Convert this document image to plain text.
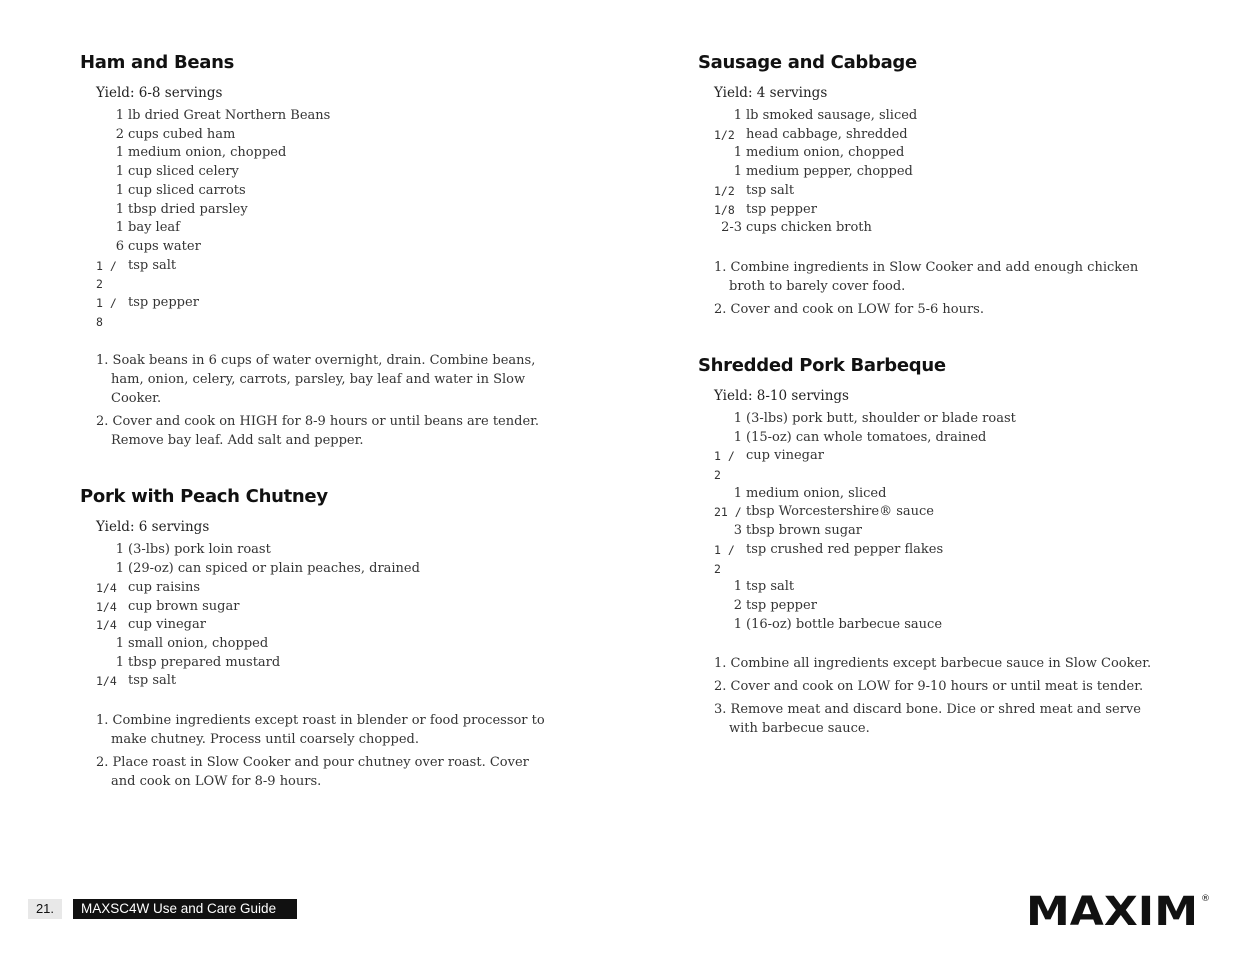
Ham and Beans
Yield: 6-8 servings
1 lb dried Great Northern Beans
2 cups cubed ham
1 medium onion, chopped
1 cup sliced celery
1 cup sliced carrots
1 tbsp dried parsley
1 bay leaf
6 cups water
1 / 2
tsp salt
1 / 8
tsp pepper
1. Soak beans in 6 cups of water overnight, drain. Combine beans, ham, onion, celery, carrots, parsley, bay leaf and water in Slow Cooker.
2. Cover and cook on HIGH for 8-9 hours or until beans are tender. Remove bay leaf. Add salt and pepper.
Pork with Peach Chutney
Yield: 6 servings
1 (3-lbs) pork loin roast
1 (29-oz) can spiced or plain peaches, drained
1/4 cup raisins
1/4 cup brown sugar
1/4 cup vinegar
1 small onion, chopped
1 tbsp prepared mustard
1/4 tsp salt
1. Combine ingredients except roast in blender or food processor to make chutney. Process until coarsely chopped.
2. Place roast in Slow Cooker and pour chutney over roast. Cover and cook on LOW for 8-9 hours.
Sausage and Cabbage
Yield: 4 servings
1 lb smoked sausage, sliced
1/2 head cabbage, shredded
1 medium onion, chopped
1 medium pepper, chopped
1/2 tsp salt
1/8 tsp pepper
2-3 cups chicken broth
1. Combine ingredients in Slow Cooker and add enough chicken broth to barely cover food.
2. Cover and cook on LOW for 5-6 hours.
Shredded Pork Barbeque
Yield: 8-10 servings
1 (3-lbs) pork butt, shoulder or blade roast
1 (15-oz) can whole tomatoes, drained
1 / 2
cup vinegar
1 medium onion, sliced
21 / tbsp Worcestershire® sauce
3 tbsp brown sugar
1 / 2
tsp crushed red pepper flakes
1 tsp salt
2 tsp pepper
1 (16-oz) bottle barbecue sauce
1. Combine all ingredients except barbecue sauce in Slow Cooker.
2. Cover and cook on LOW for 9-10 hours or until meat is tender.
3. Remove meat and discard bone. Dice or shred meat and serve with barbecue sauce.
21.	MAXSC4W Use and Care Guide	MAXIM ®
